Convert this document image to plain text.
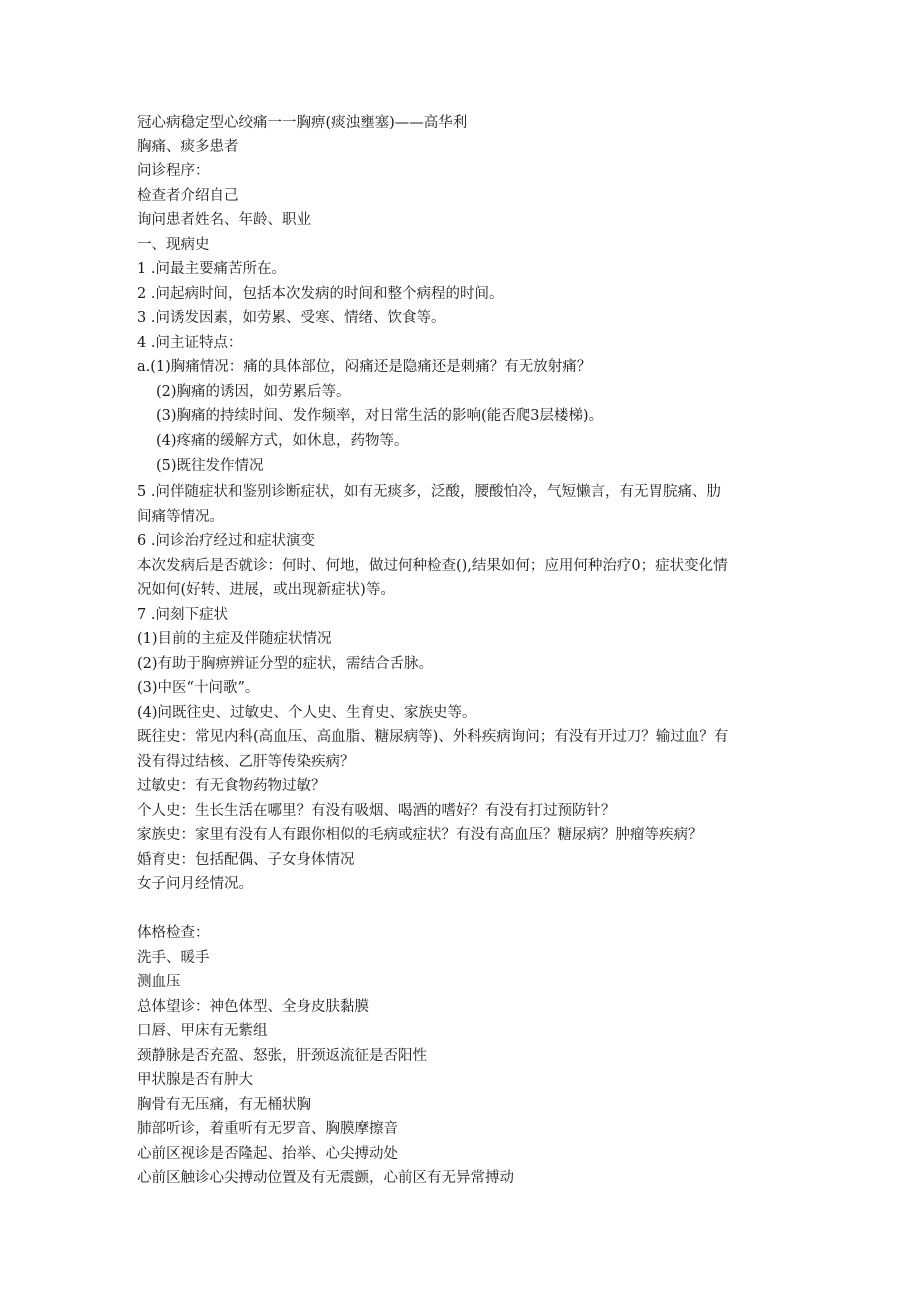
冠心病稳定型心绞痛一一胸痹(痰浊壅塞)——高华利
胸痛、痰多患者
问诊程序：
检查者介绍自己
询问患者姓名、年龄、职业
一、现病史
1 .问最主要痛苦所在。
2 .问起病时间，包括本次发病的时间和整个病程的时间。
3 .问诱发因素，如劳累、受寒、情绪、饮食等。
4 .问主证特点：
a.(1)胸痛情况：痛的具体部位，闷痛还是隐痛还是刺痛？有无放射痛？
(2)胸痛的诱因，如劳累后等。
(3)胸痛的持续时间、发作频率，对日常生活的影响(能否爬3层楼梯)。
(4)疼痛的缓解方式，如休息，药物等。
(5)既往发作情况
5 .问伴随症状和鉴别诊断症状，如有无痰多，泛酸，腰酸怕冷，气短懒言，有无胃脘痛、肋
间痛等情况。
6 .问诊治疗经过和症状演变
本次发病后是否就诊：何时、何地，做过何种检查(),结果如何；应用何种治疗0；症状变化情
况如何(好转、进展，或出现新症状)等。
7 .问刻下症状
(1)目前的主症及伴随症状情况
(2)有助于胸痹辨证分型的症状，需结合舌脉。
(3)中医“十问歌”。
(4)问既往史、过敏史、个人史、生育史、家族史等。
既往史：常见内科(高血压、高血脂、糖尿病等)、外科疾病询问；有没有开过刀？输过血？有
没有得过结核、乙肝等传染疾病？
过敏史：有无食物药物过敏？
个人史：生长生活在哪里？有没有吸烟、喝酒的嗜好？有没有打过预防针？
家族史：家里有没有人有跟你相似的毛病或症状？有没有高血压？糖尿病？肿瘤等疾病？
婚育史：包括配偶、子女身体情况
女子问月经情况。
体格检查：
洗手、暖手
测血压
总体望诊：神色体型、全身皮肤黏膜
口唇、甲床有无紫组
颈静脉是否充盈、怒张，肝颈返流征是否阳性
甲状腺是否有肿大
胸骨有无压痛，有无桶状胸
肺部听诊，着重听有无罗音、胸膜摩擦音
心前区视诊是否隆起、抬举、心尖搏动处
心前区触诊心尖搏动位置及有无震颤，心前区有无异常搏动
